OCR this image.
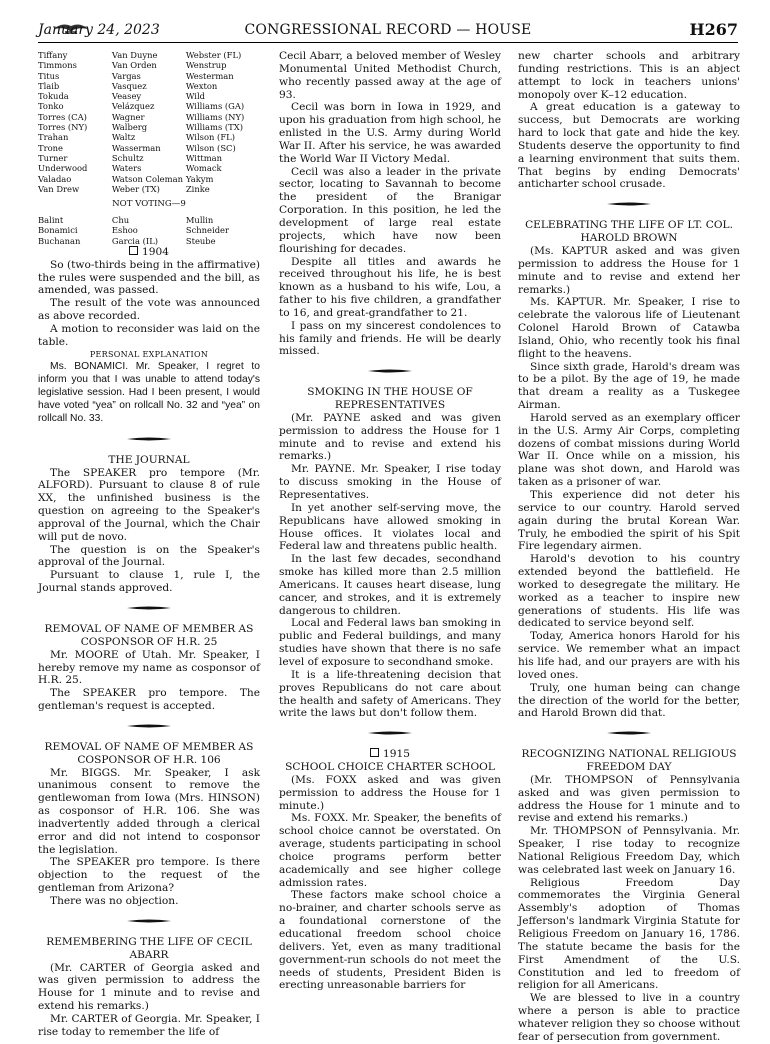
January 24, 2023	CONGRESSIONAL RECORD — HOUSE	H267
Tiffany
Timmons
Titus
Tlaib
Tokuda
Tonko
Torres (CA)
Torres (NY)
Trahan
Trone
Turner
Underwood
Valadao
Van Drew
Van Duyne
Van Orden
Vargas
Vasquez
Veasey
Velázquez
Wagner
Walberg
Waltz
Wasserman
Schultz
Waters
Watson Coleman
Weber (TX)
Webster (FL)
Wenstrup
Westerman
Wexton
Wild
Williams (GA)
Williams (NY)
Williams (TX)
Wilson (FL)
Wilson (SC)
Wittman
Womack
Yakym
Zinke
NOT VOTING—9
Balint
Bonamici
Buchanan
Chu
Eshoo
Garcia (IL)
Mullin
Schneider
Steube

1904

So (two-thirds being in the affirmative) the rules were suspended and the bill, as amended, was passed.

The result of the vote was announced as above recorded.

A motion to reconsider was laid on the table.

PERSONAL EXPLANATION

Ms. BONAMICI. Mr. Speaker, I regret to inform you that I was unable to attend today's legislative session. Had I been present, I would have voted “yea” on rollcall No. 32 and “yea” on rollcall No. 33.

THE JOURNAL

The SPEAKER pro tempore (Mr. ALFORD). Pursuant to clause 8 of rule XX, the unfinished business is the question on agreeing to the Speaker's approval of the Journal, which the Chair will put de novo.

The question is on the Speaker's approval of the Journal.

Pursuant to clause 1, rule I, the Journal stands approved.

REMOVAL OF NAME OF MEMBER AS COSPONSOR OF H.R. 25

Mr. MOORE of Utah. Mr. Speaker, I hereby remove my name as cosponsor of H.R. 25.

The SPEAKER pro tempore. The gentleman's request is accepted.

REMOVAL OF NAME OF MEMBER AS COSPONSOR OF H.R. 106

Mr. BIGGS. Mr. Speaker, I ask unanimous consent to remove the gentlewoman from Iowa (Mrs. HINSON) as cosponsor of H.R. 106. She was inadvertently added through a clerical error and did not intend to cosponsor the legislation.

The SPEAKER pro tempore. Is there objection to the request of the gentleman from Arizona?

There was no objection.

REMEMBERING THE LIFE OF CECIL ABARR

(Mr. CARTER of Georgia asked and was given permission to address the House for 1 minute and to revise and extend his remarks.)

Mr. CARTER of Georgia. Mr. Speaker, I rise today to remember the life of

Cecil Abarr, a beloved member of Wesley Monumental United Methodist Church, who recently passed away at the age of 93.

Cecil was born in Iowa in 1929, and upon his graduation from high school, he enlisted in the U.S. Army during World War II. After his service, he was awarded the World War II Victory Medal.

Cecil was also a leader in the private sector, locating to Savannah to become the president of the Branigar Corporation. In this position, he led the development of large real estate projects, which have now been flourishing for decades.

Despite all titles and awards he received throughout his life, he is best known as a husband to his wife, Lou, a father to his five children, a grandfather to 16, and great-grandfather to 21.

I pass on my sincerest condolences to his family and friends. He will be dearly missed.

SMOKING IN THE HOUSE OF REPRESENTATIVES

(Mr. PAYNE asked and was given permission to address the House for 1 minute and to revise and extend his remarks.)

Mr. PAYNE. Mr. Speaker, I rise today to discuss smoking in the House of Representatives.

In yet another self-serving move, the Republicans have allowed smoking in House offices. It violates local and Federal law and threatens public health.

In the last few decades, secondhand smoke has killed more than 2.5 million Americans. It causes heart disease, lung cancer, and strokes, and it is extremely dangerous to children.

Local and Federal laws ban smoking in public and Federal buildings, and many studies have shown that there is no safe level of exposure to secondhand smoke.

It is a life-threatening decision that proves Republicans do not care about the health and safety of Americans. They write the laws but don't follow them.

1915

SCHOOL CHOICE CHARTER SCHOOL

(Ms. FOXX asked and was given permission to address the House for 1 minute.)

Ms. FOXX. Mr. Speaker, the benefits of school choice cannot be overstated. On average, students participating in school choice programs perform better academically and see higher college admission rates.

These factors make school choice a no-brainer, and charter schools serve as a foundational cornerstone of the educational freedom school choice delivers. Yet, even as many traditional government-run schools do not meet the needs of students, President Biden is erecting unreasonable barriers for

new charter schools and arbitrary funding restrictions. This is an abject attempt to lock in teachers unions' monopoly over K–12 education.

A great education is a gateway to success, but Democrats are working hard to lock that gate and hide the key. Students deserve the opportunity to find a learning environment that suits them. That begins by ending Democrats' anticharter school crusade.

CELEBRATING THE LIFE OF LT. COL. HAROLD BROWN

(Ms. KAPTUR asked and was given permission to address the House for 1 minute and to revise and extend her remarks.)

Ms. KAPTUR. Mr. Speaker, I rise to celebrate the valorous life of Lieutenant Colonel Harold Brown of Catawba Island, Ohio, who recently took his final flight to the heavens.

Since sixth grade, Harold's dream was to be a pilot. By the age of 19, he made that dream a reality as a Tuskegee Airman.

Harold served as an exemplary officer in the U.S. Army Air Corps, completing dozens of combat missions during World War II. Once while on a mission, his plane was shot down, and Harold was taken as a prisoner of war.

This experience did not deter his service to our country. Harold served again during the brutal Korean War. Truly, he embodied the spirit of his Spit Fire legendary airmen.

Harold's devotion to his country extended beyond the battlefield. He worked to desegregate the military. He worked as a teacher to inspire new generations of students. His life was dedicated to service beyond self.

Today, America honors Harold for his service. We remember what an impact his life had, and our prayers are with his loved ones.

Truly, one human being can change the direction of the world for the better, and Harold Brown did that.

RECOGNIZING NATIONAL RELIGIOUS FREEDOM DAY

(Mr. THOMPSON of Pennsylvania asked and was given permission to address the House for 1 minute and to revise and extend his remarks.)

Mr. THOMPSON of Pennsylvania. Mr. Speaker, I rise today to recognize National Religious Freedom Day, which was celebrated last week on January 16.

Religious Freedom Day commemorates the Virginia General Assembly's adoption of Thomas Jefferson's landmark Virginia Statute for Religious Freedom on January 16, 1786. The statute became the basis for the First Amendment of the U.S. Constitution and led to freedom of religion for all Americans.

We are blessed to live in a country where a person is able to practice whatever religion they so choose without fear of persecution from government.
